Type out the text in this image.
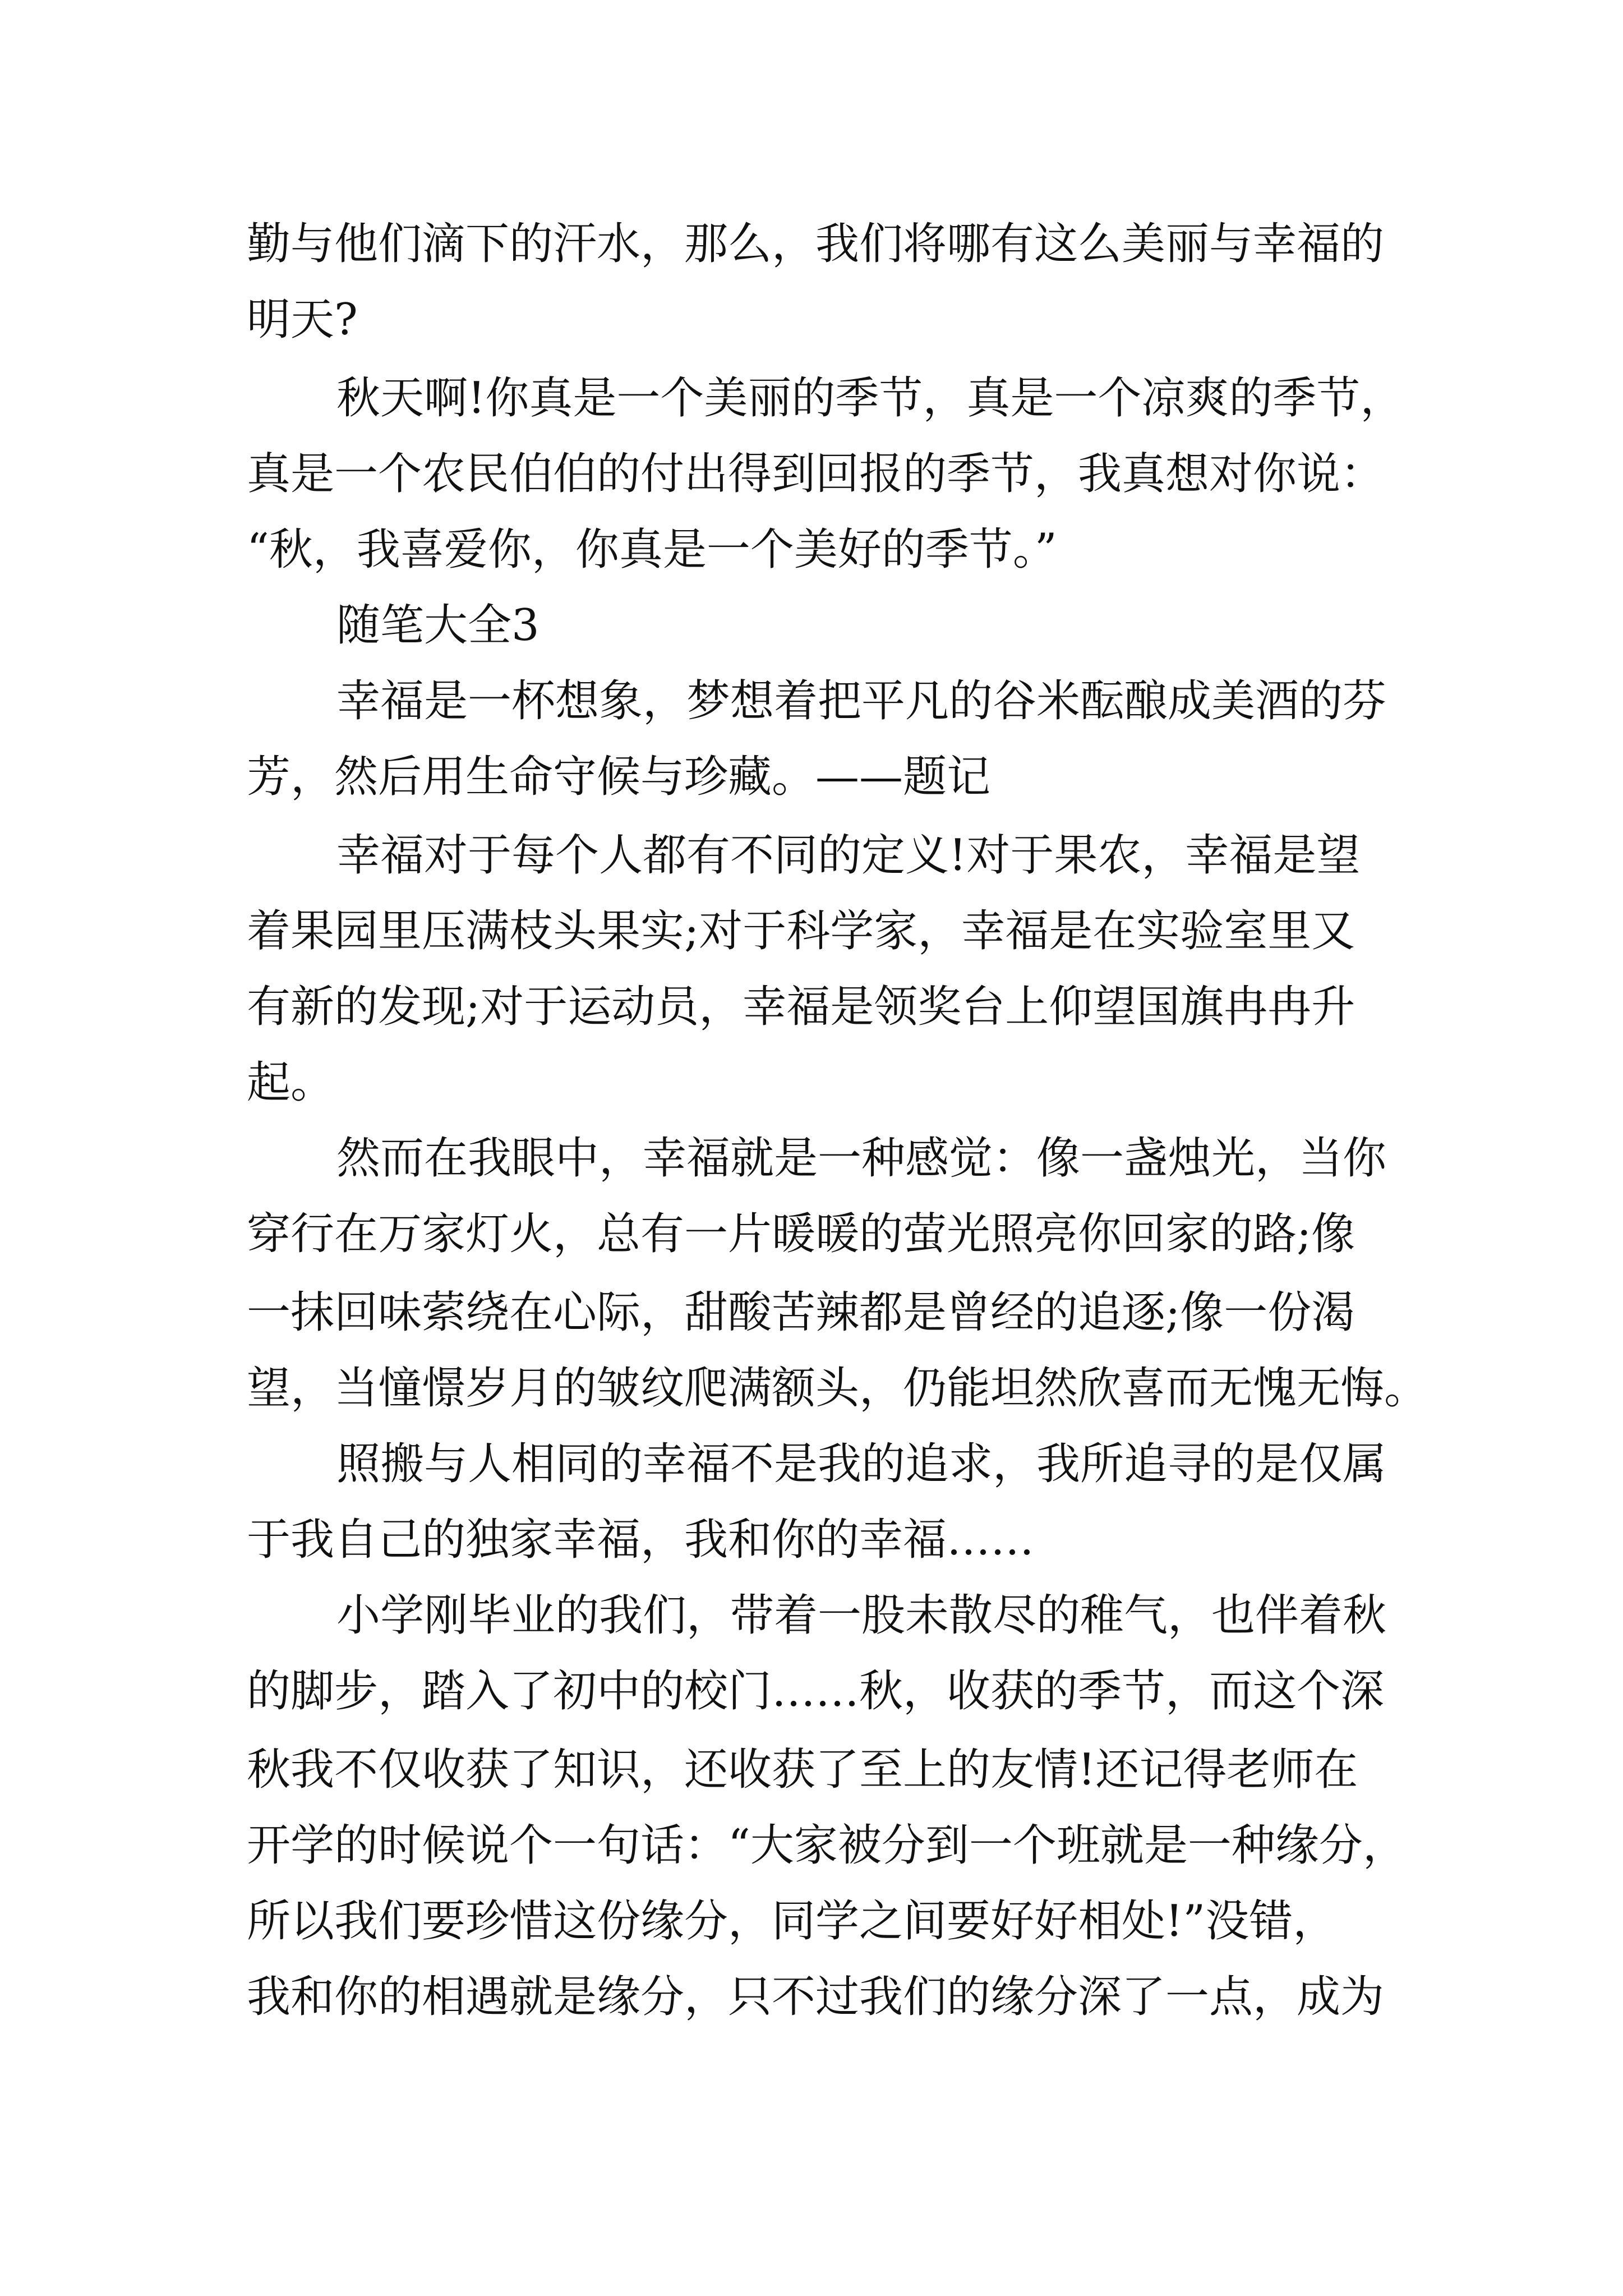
勤与他们滴下的汗水，那么，我们将哪有这么美丽与幸福的

明天?

秋天啊!你真是一个美丽的季节，真是一个凉爽的季节，

真是一个农民伯伯的付出得到回报的季节，我真想对你说：

“秋，我喜爱你，你真是一个美好的季节。”

随笔大全3

幸福是一杯想象，梦想着把平凡的谷米酝酿成美酒的芬

芳，然后用生命守候与珍藏。——题记

幸福对于每个人都有不同的定义!对于果农，幸福是望

着果园里压满枝头果实;对于科学家，幸福是在实验室里又

有新的发现;对于运动员，幸福是领奖台上仰望国旗冉冉升

起。

然而在我眼中，幸福就是一种感觉：像一盏烛光，当你

穿行在万家灯火，总有一片暖暖的萤光照亮你回家的路;像

一抹回味萦绕在心际，甜酸苦辣都是曾经的追逐;像一份渴

望，当憧憬岁月的皱纹爬满额头，仍能坦然欣喜而无愧无悔。

照搬与人相同的幸福不是我的追求，我所追寻的是仅属

于我自己的独家幸福，我和你的幸福……

小学刚毕业的我们，带着一股未散尽的稚气，也伴着秋

的脚步，踏入了初中的校门……秋，收获的季节，而这个深

秋我不仅收获了知识，还收获了至上的友情!还记得老师在

开学的时候说个一句话：“大家被分到一个班就是一种缘分，

所以我们要珍惜这份缘分，同学之间要好好相处!”没错，

我和你的相遇就是缘分，只不过我们的缘分深了一点，成为
